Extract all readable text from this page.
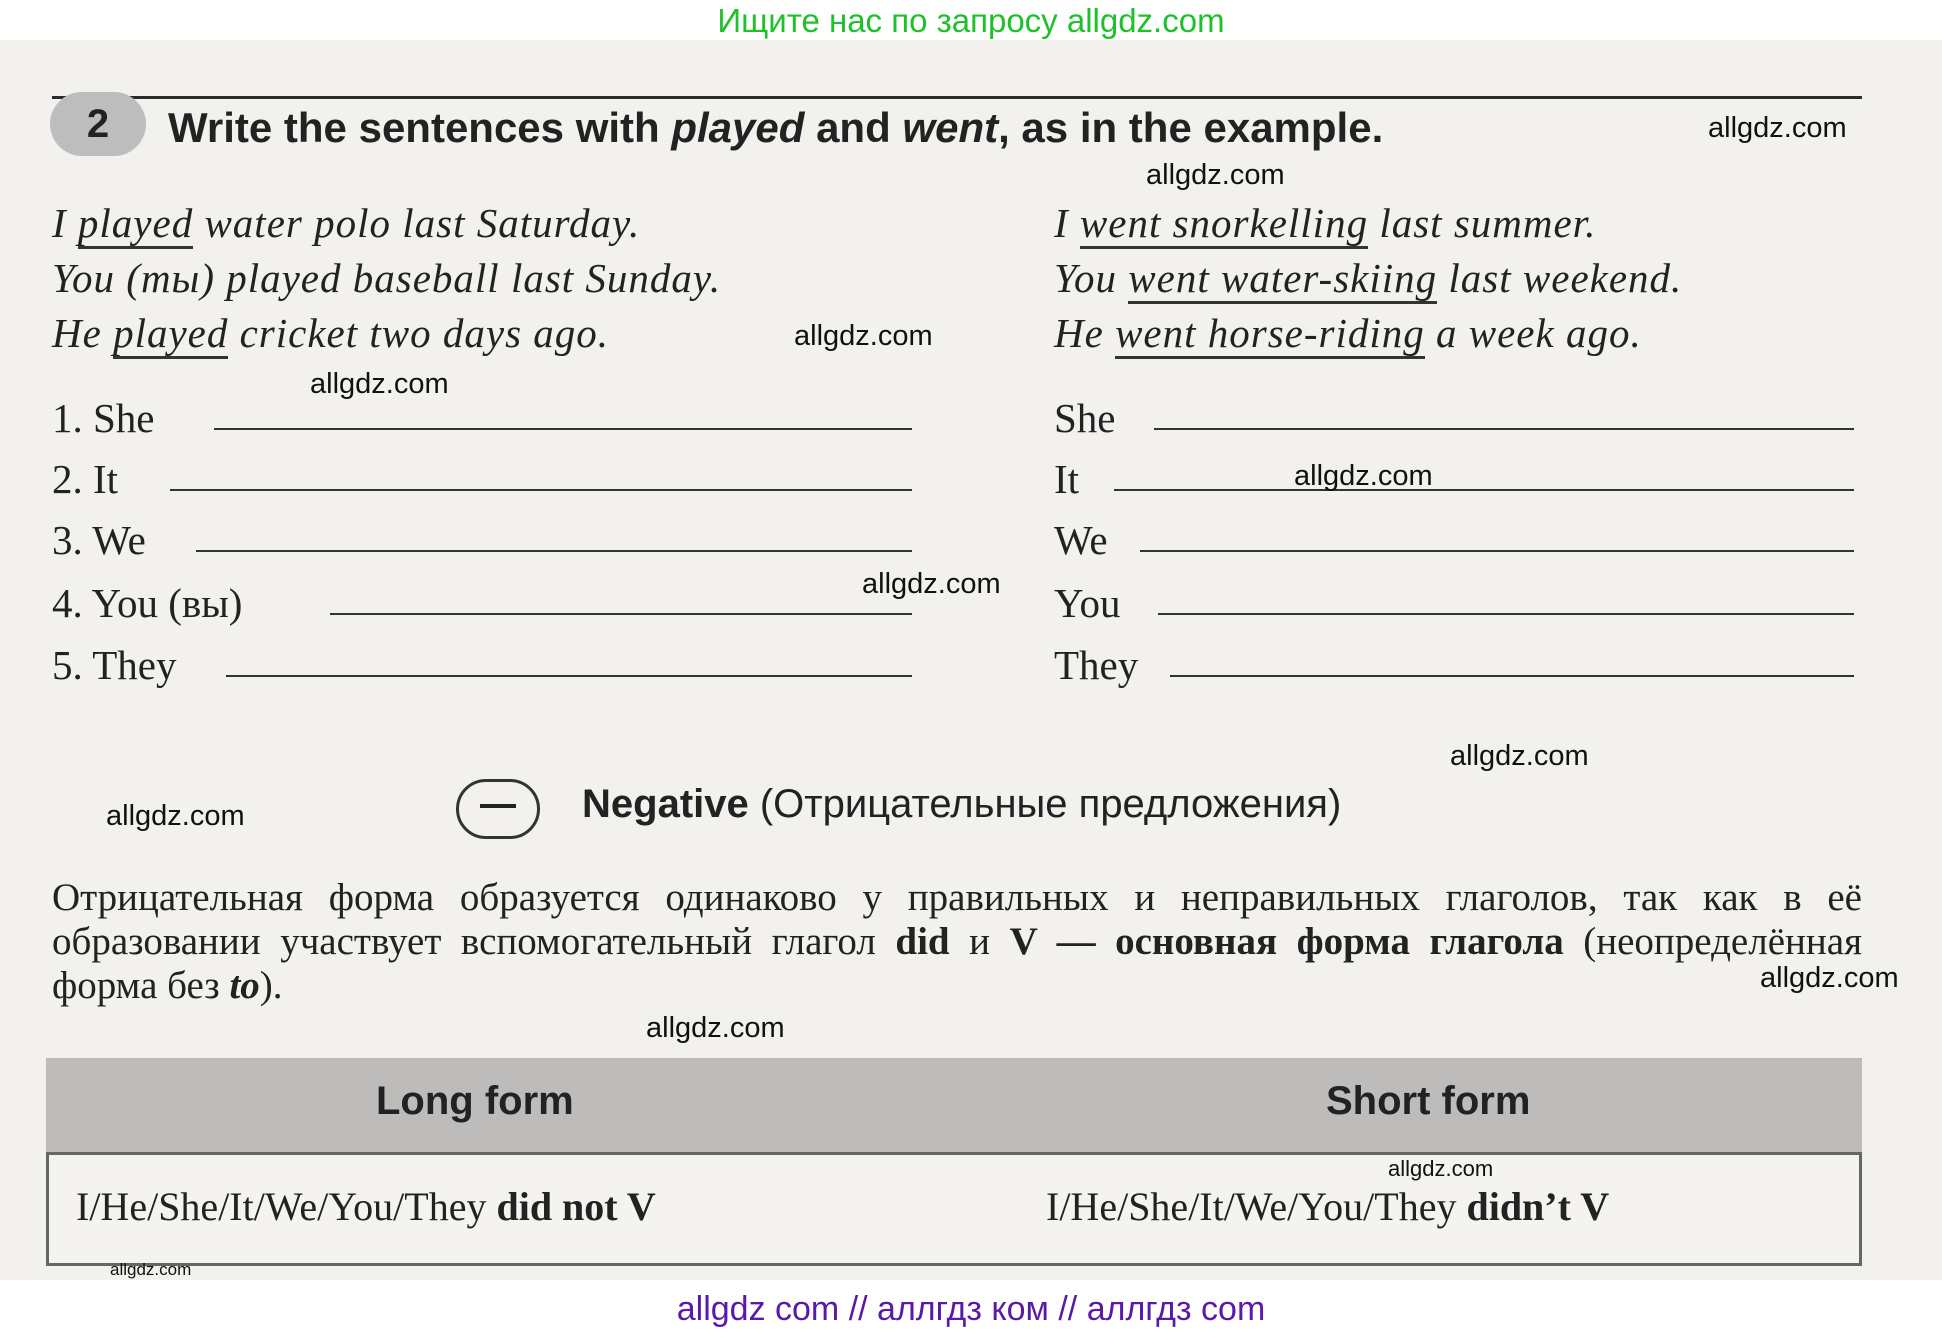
Ищите нас по запросу allgdz.com
2	Write the sentences with played and went, as in the example.
I played water polo last Saturday.
You (ты) played baseball last Sunday.
He played cricket two days ago.
I went snorkelling last summer.
You went water-skiing last weekend.
He went horse-riding a week ago.
1. She
2. It
3. We
4. You (вы)
5. They
She
It
We
You
They
Negative (Отрицательные предложения)
Отрицательная форма образуется одинаково у правильных и неправильных глаголов, так как в её образовании участвует вспомогательный глагол did и V — основная форма глагола (неопределённая форма без to).
Long form	Short form
I/He/She/It/We/You/They did not V	I/He/She/It/We/You/They didn’t V
allgdz.com
allgdz.com
allgdz.com
allgdz.com
allgdz.com
allgdz.com
allgdz.com
allgdz.com
allgdz.com
allgdz.com
allgdz.com
allgdz.com
allgdz com // аллгдз ком // аллгдз com
